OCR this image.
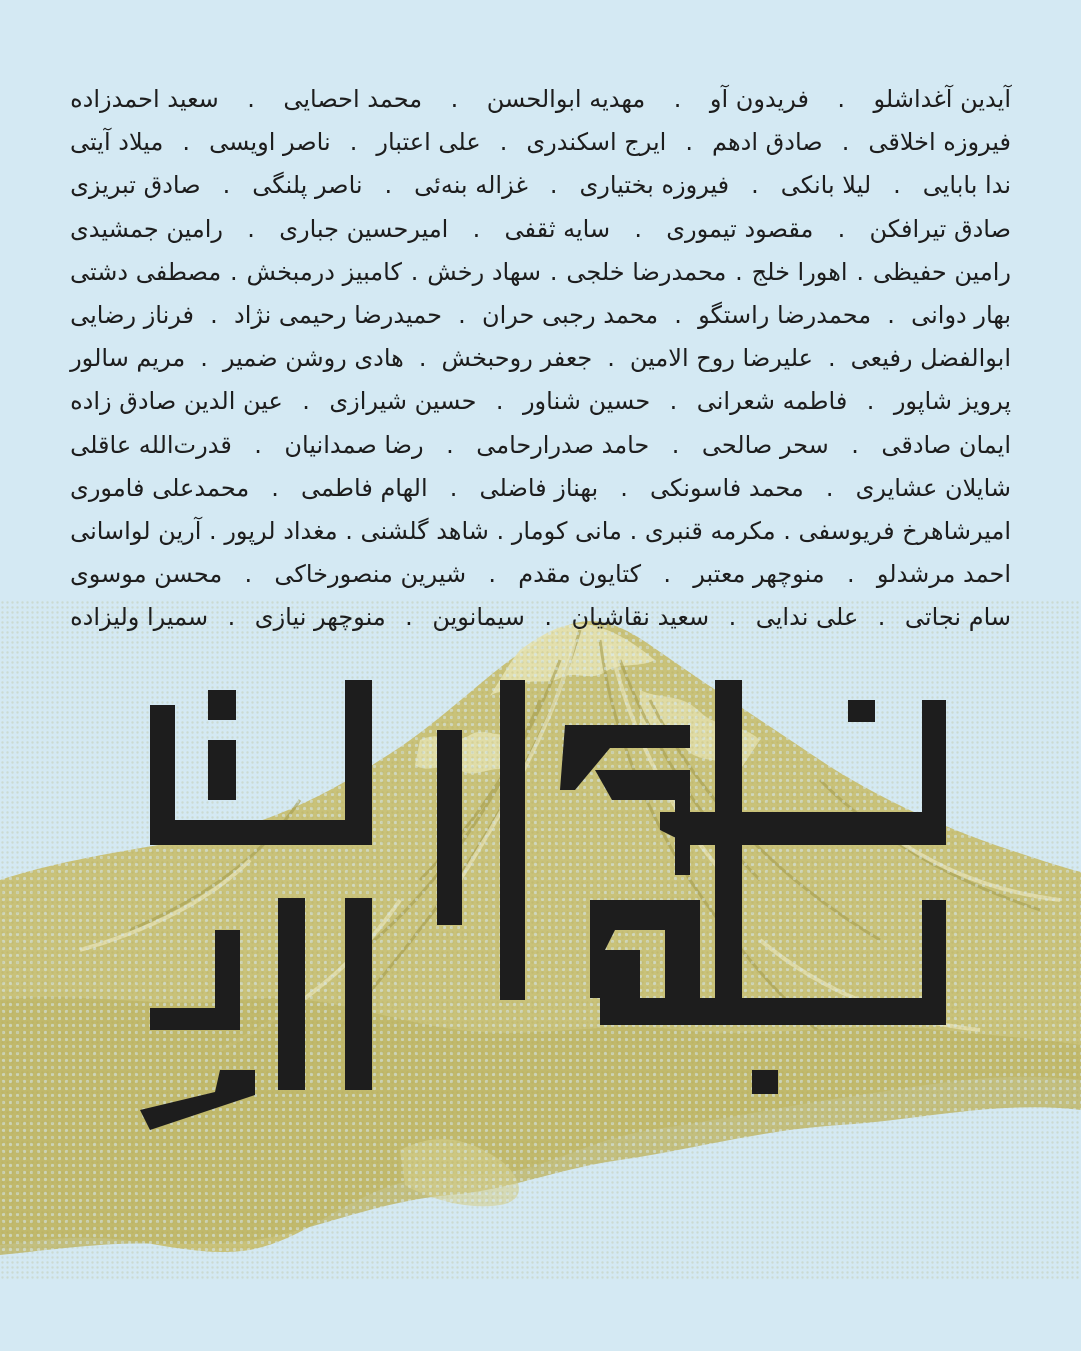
آیدین آغداشلو
.
فریدون آو
.
مهدیه ابوالحسن
.
محمد احصایی
.
سعید احمدزاده
فیروزه اخلاقی
.
صادق ادهم
.
ایرج اسکندری
.
علی اعتبار
.
ناصر اویسی
.
میلاد آیتی
ندا بابایی
.
لیلا بانکی
.
فیروزه بختیاری
.
غزاله بنه‌ئی
.
ناصر پلنگی
.
صادق تبریزی
صادق تیرافکن
.
مقصود تیموری
.
سایه ثقفی
.
امیرحسین جباری
.
رامین جمشیدی
رامین حفیظی
.
اهورا خلج
.
محمدرضا خلجی
.
سهاد رخش
.
کامبیز درمبخش
.
مصطفی دشتی
بهار دوانی
.
محمدرضا راستگو
.
محمد رجبی حران
.
حمیدرضا رحیمی نژاد
.
فرناز رضایی
ابوالفضل رفیعی
.
علیرضا روح الامین
.
جعفر روحبخش
.
هادی روشن ضمیر
.
مریم سالور
پرویز شاپور
.
فاطمه شعرانی
.
حسین شناور
.
حسین شیرازی
.
عین الدین صادق زاده
ایمان صادقی
.
سحر صالحی
.
حامد صدرارحامی
.
رضا صمدانیان
.
قدرت‌الله عاقلی
شایلان عشایری
.
محمد فاسونکی
.
بهناز فاضلی
.
الهام فاطمی
.
محمدعلی فاموری
امیرشاهرخ فریوسفی
.
مکرمه قنبری
.
مانی کومار
.
شاهد گلشنی
.
مغداد لرپور
.
آرین لواسانی
احمد مرشدلو
.
منوچهر معتبر
.
کتایون مقدم
.
شیرین منصورخاکی
.
محسن موسوی
سام نجاتی
.
علی ندایی
.
سعید نقاشیان
.
سیمانوین
.
منوچهر نیازی
.
سمیرا ولیزاده
